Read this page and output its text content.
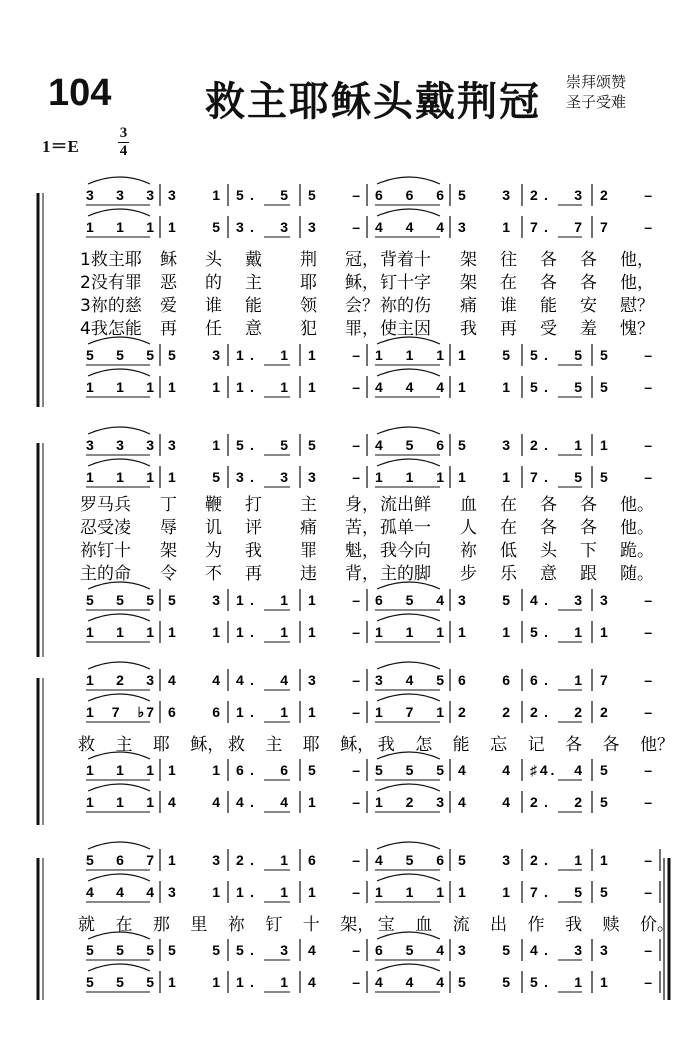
104 救主耶稣头戴荆冠 崇拜颂赞
圣子受难
1＝E
3
4
3 3 3 3 1 5. 5 5 – 6 6 6 5 3 2. 3 2 –
1 1 1 1 5 3. 3 3 – 4 4 4 3 1 7. 7 7 –
5 5 5 5 3 1. 1 1 – 1 1 1 1 5 5. 5 5 –
1 1 1 1 1 1. 1 1 – 4 4 4 1 1 5. 5 5 –
1救主耶 稣 头 戴 荆 冠， 背着十 架 往 各 各 他，
2没有罪 恶 的 主 耶 稣， 钉十字 架 在 各 各 他，
3祢的慈 爱 谁 能 领 会？ 祢的伤 痛 谁 能 安 慰？
4我怎能 再 任 意 犯 罪， 使主因 我 再 受 羞 愧？
3 3 3 3 1 5. 5 5 – 4 5 6 5 3 2. 1 1 –
1 1 1 1 5 3. 3 3 – 1 1 1 1 1 7. 5 5 –
5 5 5 5 3 1. 1 1 – 6 5 4 3 5 4. 3 3 –
1 1 1 1 1 1. 1 1 – 1 1 1 1 1 5. 1 1 –
罗马兵 丁 鞭 打 主 身， 流出鲜 血 在 各 各 他。
忍受凌 辱 讥 评 痛 苦， 孤单一 人 在 各 各 他。
祢钉十 架 为 我 罪 魁， 我今向 祢 低 头 下 跪。
主的命 令 不 再 违 背， 主的脚 步 乐 意 跟 随。
1 2 3 4 4 4. 4 3 – 3 4 5 6 6 6. 1 7 –
1 7 ♭7 6 6 1. 1 1 – 1 7 1 2 2 2. 2 2 –
1 1 1 1 1 6. 6 5 – 5 5 5 4 4 ♯4. 4 5 –
1 1 1 4 4 4. 4 1 – 1 2 3 4 4 2. 2 5 –
救 主 耶 稣， 救 主 耶 稣， 我 怎 能 忘 记 各 各 他？
5 6 7 1 3 2. 1 6 – 4 5 6 5 3 2. 1 1 –
4 4 4 3 1 1. 1 1 – 1 1 1 1 1 7. 5 5 –
5 5 5 5 5 5. 3 4 – 6 5 4 3 5 4. 3 3 –
5 5 5 1 1 1. 1 4 – 4 4 4 5 5 5. 1 1 –
就 在 那 里 祢 钉 十 架， 宝 血 流 出 作 我 赎 价。
